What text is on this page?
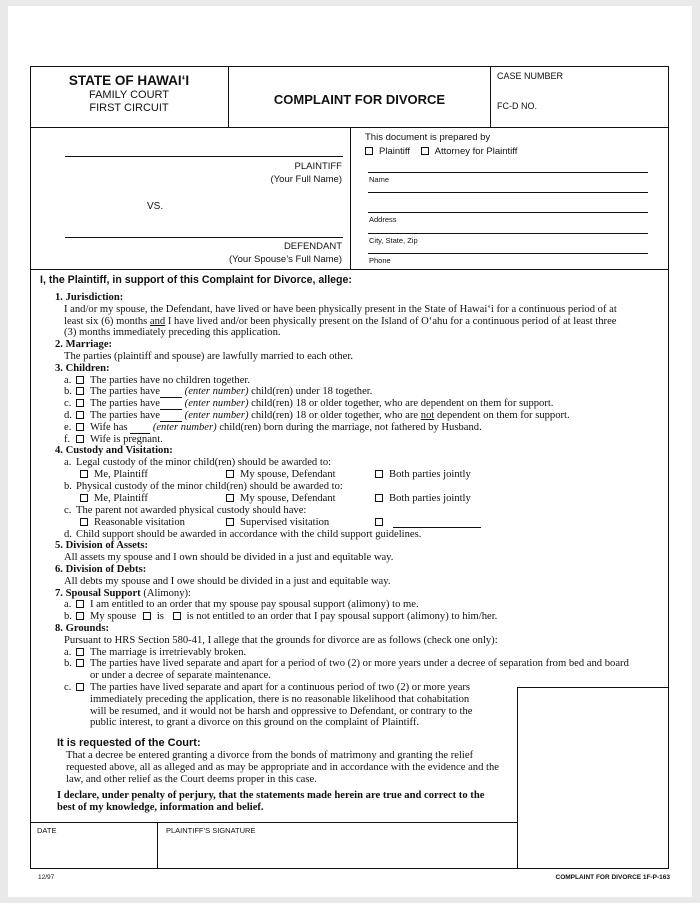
STATE OF HAWAI‘I
FAMILY COURT
FIRST CIRCUIT
COMPLAINT FOR DIVORCE
CASE NUMBER
FC-D NO.
PLAINTIFF
(Your Full Name)
VS.
DEFENDANT
(Your Spouse’s Full Name)
This document is prepared by
Plaintiff	Attorney for Plaintiff
Name
Address
City, State, Zip
Phone
I, the Plaintiff, in support of this Complaint for Divorce, allege:
1. Jurisdiction:
I and/or my spouse, the Defendant, have lived or have been physically present in the State of Hawai‘i for a continuous period of at
least six (6) months and I have lived and/or been physically present on the Island of O‘ahu for a continuous period of at least three
(3) months immediately preceding this application.
2. Marriage:
The parties (plaintiff and spouse) are lawfully married to each other.
3. Children:
a. The parties have no children together.
b. The parties have (enter number) child(ren) under 18 together.
c. The parties have (enter number) child(ren) 18 or older together, who are dependent on them for support.
d. The parties have (enter number) child(ren) 18 or older together, who are not dependent on them for support.
e. Wife has  (enter number) child(ren) born during the marriage, not fathered by Husband.
f. Wife is pregnant.
4. Custody and Visitation:
a. Legal custody of the minor child(ren) should be awarded to:
Me, Plaintiff	My spouse, Defendant	Both parties jointly
b. Physical custody of the minor child(ren) should be awarded to:
Me, Plaintiff	My spouse, Defendant	Both parties jointly
c. The parent not awarded physical custody should have:
Reasonable visitation	Supervised visitation
d. Child support should be awarded in accordance with the child support guidelines.
5. Division of Assets:
All assets my spouse and I own should be divided in a just and equitable way.
6. Division of Debts:
All debts my spouse and I owe should be divided in a just and equitable way.
7. Spousal Support (Alimony):
a. I am entitled to an order that my spouse pay spousal support (alimony) to me.
b. My spouse is is not entitled to an order that I pay spousal support (alimony) to him/her.
8. Grounds:
Pursuant to HRS Section 580-41, I allege that the grounds for divorce are as follows (check one only):
a. The marriage is irretrievably broken.
b. The parties have lived separate and apart for a period of two (2) or more years under a decree of separation from bed and board
or under a decree of separate maintenance.
c. The parties have lived separate and apart for a continuous period of two (2) or more years
immediately preceding the application, there is no reasonable likelihood that cohabitation
will be resumed, and it would not be harsh and oppressive to Defendant, or contrary to the
public interest, to grant a divorce on this ground on the complaint of Plaintiff.
It is requested of the Court:
That a decree be entered granting a divorce from the bonds of matrimony and granting the relief
requested above, all as alleged and as may be appropriate and in accordance with the evidence and the
law, and other relief as the Court deems proper in this case.
I declare, under penalty of perjury, that the statements made herein are true and correct to the
best of my knowledge, information and belief.
DATE	PLAINTIFF’S SIGNATURE
12/97	COMPLAINT FOR DIVORCE 1F-P-163
